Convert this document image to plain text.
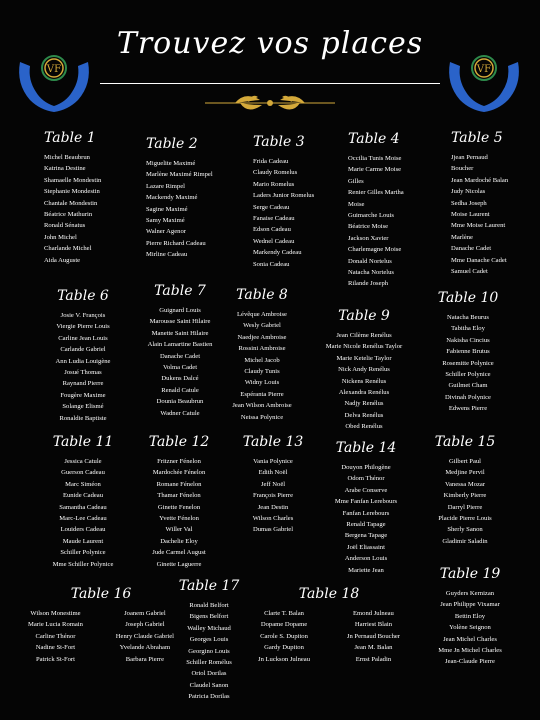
Trouvez vos places
VF	VF
Table 1
Michel Beaubrun
Katrina Destine
Shamaelle Mondestin
Stephanie Mondestin
Chantale Mondestin
Béatrice Mathurin
Ronald Sénatus
John Michel
Charlande Michel
Aida Auguste
Table 2
Miguelite Maximé
Marlène Maximé Rimpel
Lazare Rimpel
Mackendy Maximé
Sagine Maximé
Samy Maximé
Walner Agenor
Pierre Richard Cadeau
Mirline Cadeau
Table 3
Frida Cadeau
Claudy Romelus
Mario Romelus
Laders Junior Romelus
Serge Cadeau
Fanaise Cadeau
Edson Cadeau
Wednel Cadeau
Markendy Cadeau
Sonia Cadeau
Table 4
Occilia Tunis Moise
Marie Carme Moise
Gilles
Renier Gilles Martha
Moise
Guimarche Louis
Béatrice Moise
Jackson Xavier
Charlemagne Moise
Donald Nortelus
Natacha Nortelus
Rilande Joseph
Table 5
Jjean Pernaud
Boucher
Jean Mardoché Balan
Judy Nicolas
Sedha Joseph
Moise Laurent
Mme Moise Laurent
Marlène
Danache Cadet
Mme Danache Cadet
Samuel Cadet
Table 6
Josie V. François
Viergie Pierre Louis
Carline Jean Louis
Carlande Gabriel
Ann Ludia Louigène
Josué Thomas
Raynand Pierre
Fougère Maxime
Solange Elismé
Ronaldie Baptiste
Table 7
Guignard Louis
Marousse Saint Hilaire
Manette Saint Hilaire
Alain Lamartine Bastien
Danache Cadet
Volma Cadet
Dukens Dalcé
Renald Catule
Dounia Beaubrun
Wadner Catule
Table 8
Lévêque Ambroise
Wesly Gabriel
Naedjee Ambroise
Rossini Ambroise
Michel Jacob
Claudy Tunis
Widny Louis
Espéranta Pierre
Jean Wilson Ambroise
Neissa Polynice
Table 9
Jean Cilème Renélus
Marie Nicole Renélus Taylor
Marie Ketelie Taylor
Nick Andy Renélus
Nickens Renélus
Alexandra Renélus
Nadjy Renélus
Delva Renélus
Obed Renélus
Table 10
Natacha Beurus
Tabitha Eloy
Nakisha Cincius
Fabienne Brutus
Rosemitte Polynice
Schiller Polynice
Guilmet Cham
Divinah Polynice
Edwens Pierre
Table 11
Jessica Catule
Guerson Cadeau
Marc Siméon
Eunide Cadeau
Samantha Cadeau
Marc-Lee Cadeau
Louiders Cadeau
Maude Laurent
Schiller Polynice
Mme Schiller Polynice
Table 12
Fritzner Fénelon
Mardochée Fénelon
Romane Fénelon
Thamar Fénelon
Ginette Fenelon
Yvette Fénelon
Willer Val
Dachelie Eloy
Jude Carmel August
Ginette Laguerre
Table 13
Vania Polynice
Edith Noël
Jeff Noël
François Pierre
Jean Destin
Wilson Charles
Dumas Gabriel
Table 14
Douyon Philogène
Odom Thénor
Arabe Conserve
Mme Fanfan Lerebours
Fanfan Lerebours
Renald Tapage
Bergena Tapage
Joël Eliassaint
Anderson Louis
Mariette Jean
Table 15
Gilbert Paul
Medjine Pervil
Vanessa Mozar
Kimberly Pierre
Darryl Pierre
Placide Pierre Louis
Sherly Sanon
Gladimir Saladin
Table 16
Wilson Monestime
Marie Lucia Romain
Carline Thénor
Nadine St-Fort
Patrick St-Fort
Joanem Gabriel
Joseph Gabriel
Henry Claude Gabriel
Yvelande Abraham
Barbara Pierre
Table 17
Ronald Belfort
Bigens Belfort
Walley Michaud
Georges Louis
Georgino Louis
Schiller Romélus
Oriol Dorilas
Claudel Sanon
Patricia Dorilas
Table 18
Clarte T. Balan
Dopame Dopame
Carole S. Dupiton
Gardy Dupiton
Jn Luckson Julneau
Emond Julneau
Harriest Blain
Jn Pernaud Boucher
Jean M. Balan
Ernst Paladin
Table 19
Guyders Kernizan
Jean Philippe Vixamar
Bettin Eloy
Yolène Seignon
Jean Michel Charles
Mme Jn Michel Charles
Jean-Claude Pierre
